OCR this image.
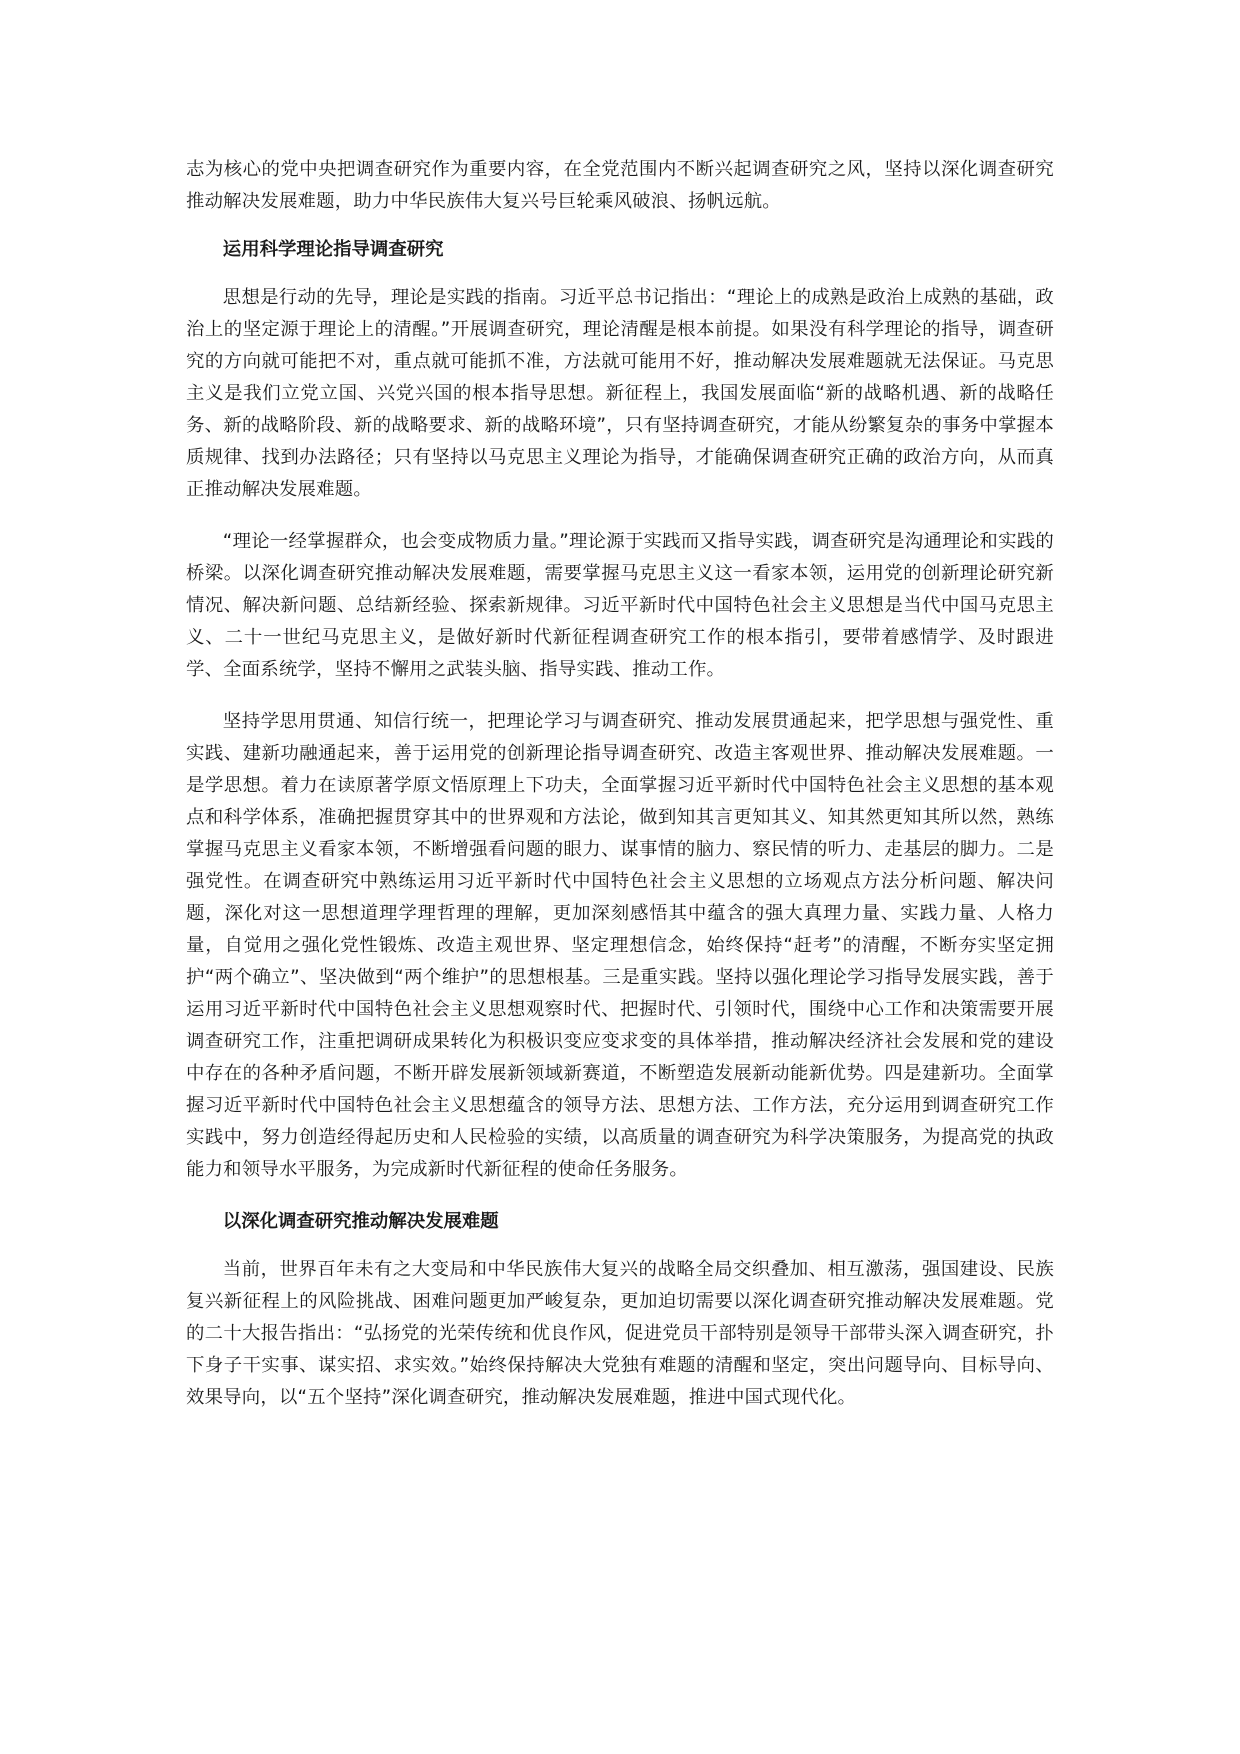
志为核心的党中央把调查研究作为重要内容，在全党范围内不断兴起调查研究之风，坚持以深化调查研究推动解决发展难题，助力中华民族伟大复兴号巨轮乘风破浪、扬帆远航。

运用科学理论指导调查研究

思想是行动的先导，理论是实践的指南。习近平总书记指出：“理论上的成熟是政治上成熟的基础，政治上的坚定源于理论上的清醒。”开展调查研究，理论清醒是根本前提。如果没有科学理论的指导，调查研究的方向就可能把不对，重点就可能抓不准，方法就可能用不好，推动解决发展难题就无法保证。马克思主义是我们立党立国、兴党兴国的根本指导思想。新征程上，我国发展面临“新的战略机遇、新的战略任务、新的战略阶段、新的战略要求、新的战略环境”，只有坚持调查研究，才能从纷繁复杂的事务中掌握本质规律、找到办法路径；只有坚持以马克思主义理论为指导，才能确保调查研究正确的政治方向，从而真正推动解决发展难题。

“理论一经掌握群众，也会变成物质力量。”理论源于实践而又指导实践，调查研究是沟通理论和实践的桥梁。以深化调查研究推动解决发展难题，需要掌握马克思主义这一看家本领，运用党的创新理论研究新情况、解决新问题、总结新经验、探索新规律。习近平新时代中国特色社会主义思想是当代中国马克思主义、二十一世纪马克思主义，是做好新时代新征程调查研究工作的根本指引，要带着感情学、及时跟进学、全面系统学，坚持不懈用之武装头脑、指导实践、推动工作。

坚持学思用贯通、知信行统一，把理论学习与调查研究、推动发展贯通起来，把学思想与强党性、重实践、建新功融通起来，善于运用党的创新理论指导调查研究、改造主客观世界、推动解决发展难题。一是学思想。着力在读原著学原文悟原理上下功夫，全面掌握习近平新时代中国特色社会主义思想的基本观点和科学体系，准确把握贯穿其中的世界观和方法论，做到知其言更知其义、知其然更知其所以然，熟练掌握马克思主义看家本领，不断增强看问题的眼力、谋事情的脑力、察民情的听力、走基层的脚力。二是强党性。在调查研究中熟练运用习近平新时代中国特色社会主义思想的立场观点方法分析问题、解决问题，深化对这一思想道理学理哲理的理解，更加深刻感悟其中蕴含的强大真理力量、实践力量、人格力量，自觉用之强化党性锻炼、改造主观世界、坚定理想信念，始终保持“赶考”的清醒，不断夯实坚定拥护“两个确立”、坚决做到“两个维护”的思想根基。三是重实践。坚持以强化理论学习指导发展实践，善于运用习近平新时代中国特色社会主义思想观察时代、把握时代、引领时代，围绕中心工作和决策需要开展调查研究工作，注重把调研成果转化为积极识变应变求变的具体举措，推动解决经济社会发展和党的建设中存在的各种矛盾问题，不断开辟发展新领域新赛道，不断塑造发展新动能新优势。四是建新功。全面掌握习近平新时代中国特色社会主义思想蕴含的领导方法、思想方法、工作方法，充分运用到调查研究工作实践中，努力创造经得起历史和人民检验的实绩，以高质量的调查研究为科学决策服务，为提高党的执政能力和领导水平服务，为完成新时代新征程的使命任务服务。

以深化调查研究推动解决发展难题

当前，世界百年未有之大变局和中华民族伟大复兴的战略全局交织叠加、相互激荡，强国建设、民族复兴新征程上的风险挑战、困难问题更加严峻复杂，更加迫切需要以深化调查研究推动解决发展难题。党的二十大报告指出：“弘扬党的光荣传统和优良作风，促进党员干部特别是领导干部带头深入调查研究，扑下身子干实事、谋实招、求实效。”始终保持解决大党独有难题的清醒和坚定，突出问题导向、目标导向、效果导向，以“五个坚持”深化调查研究，推动解决发展难题，推进中国式现代化。
